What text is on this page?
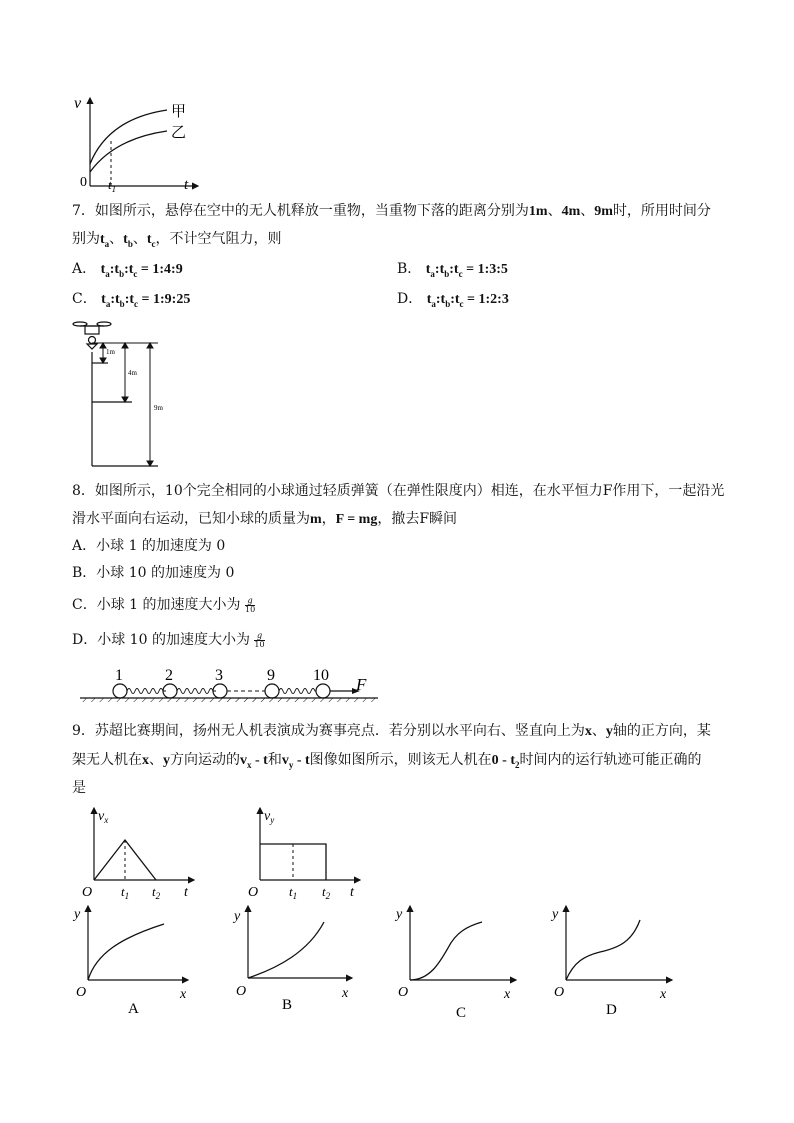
v
0 $t_1$	t
甲
乙
7．如图所示，悬停在空中的无人机释放一重物，当重物下落的距离分别为1m、4m、9m时，所用时间分
别为$t_a$、$t_b$、$t_c$，不计空气阻力，则
A． $t_a:t_b:t_c$ = 1:4:9	B． $t_a:t_b:t_c$ = 1:3:5
C． $t_a:t_b:t_c$ = 1:9:25	D． $t_a:t_b:t_c$ = 1:2:3
1m
4m
9m
8．如图所示，10个完全相同的小球通过轻质弹簧（在弹性限度内）相连，在水平恒力F作用下，一起沿光
滑水平面向右运动，已知小球的质量为m，F = mg，撤去F瞬间
A．小球 1 的加速度为 0
B．小球 10 的加速度为 0
C．小球 1 的加速度大小为 $\frac{g}{10}$
D．小球 10 的加速度大小为 $\frac{g}{10}$
1	2	3	9 10 F
9．苏超比赛期间，扬州无人机表演成为赛事亮点．若分别以水平向右、竖直向上为x、y轴的正方向，某
架无人机在x、y方向运动的$v_x$ - t和$v_y$ - t图像如图所示，则该无人机在$0 - t_2$时间内的运行轨迹可能正确的
是
$v_x$
O $t_1$ $t_2$ t
$v_y$
O $t_1$ $t_2$ t
y
O	x
A
y
O	x
B
y
O	x
C
y
O	x
D
